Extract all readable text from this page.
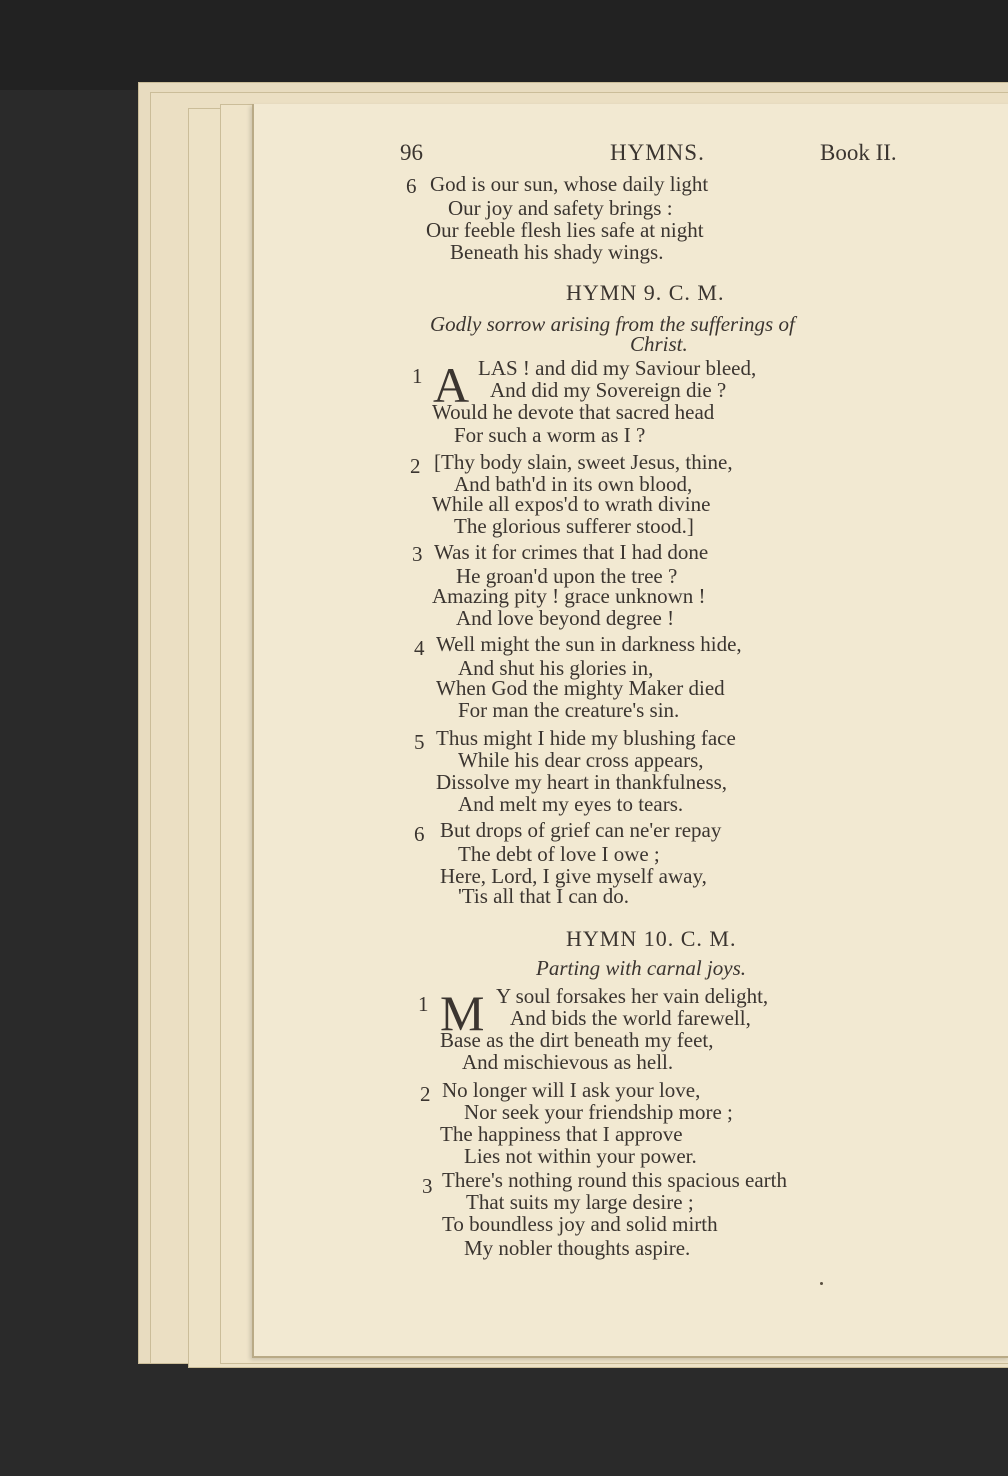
96	HYMNS.	Book II.
6 God is our sun, whose daily light
Our joy and safety brings :
Our feeble flesh lies safe at night
Beneath his shady wings.
HYMN 9. C. M.
Godly sorrow arising from the sufferings of
Christ.
1 A LAS ! and did my Saviour bleed,
And did my Sovereign die ?
Would he devote that sacred head
For such a worm as I ?
2 [Thy body slain, sweet Jesus, thine,
And bath'd in its own blood,
While all expos'd to wrath divine
The glorious sufferer stood.]
3 Was it for crimes that I had done
He groan'd upon the tree ?
Amazing pity ! grace unknown !
And love beyond degree !
4 Well might the sun in darkness hide,
And shut his glories in,
When God the mighty Maker died
For man the creature's sin.
5 Thus might I hide my blushing face
While his dear cross appears,
Dissolve my heart in thankfulness,
And melt my eyes to tears.
6 But drops of grief can ne'er repay
The debt of love I owe ;
Here, Lord, I give myself away,
'Tis all that I can do.
HYMN 10. C. M.
Parting with carnal joys.
1 M Y soul forsakes her vain delight,
And bids the world farewell,
Base as the dirt beneath my feet,
And mischievous as hell.
2 No longer will I ask your love,
Nor seek your friendship more ;
The happiness that I approve
Lies not within your power.
3 There's nothing round this spacious earth
That suits my large desire ;
To boundless joy and solid mirth
My nobler thoughts aspire.
